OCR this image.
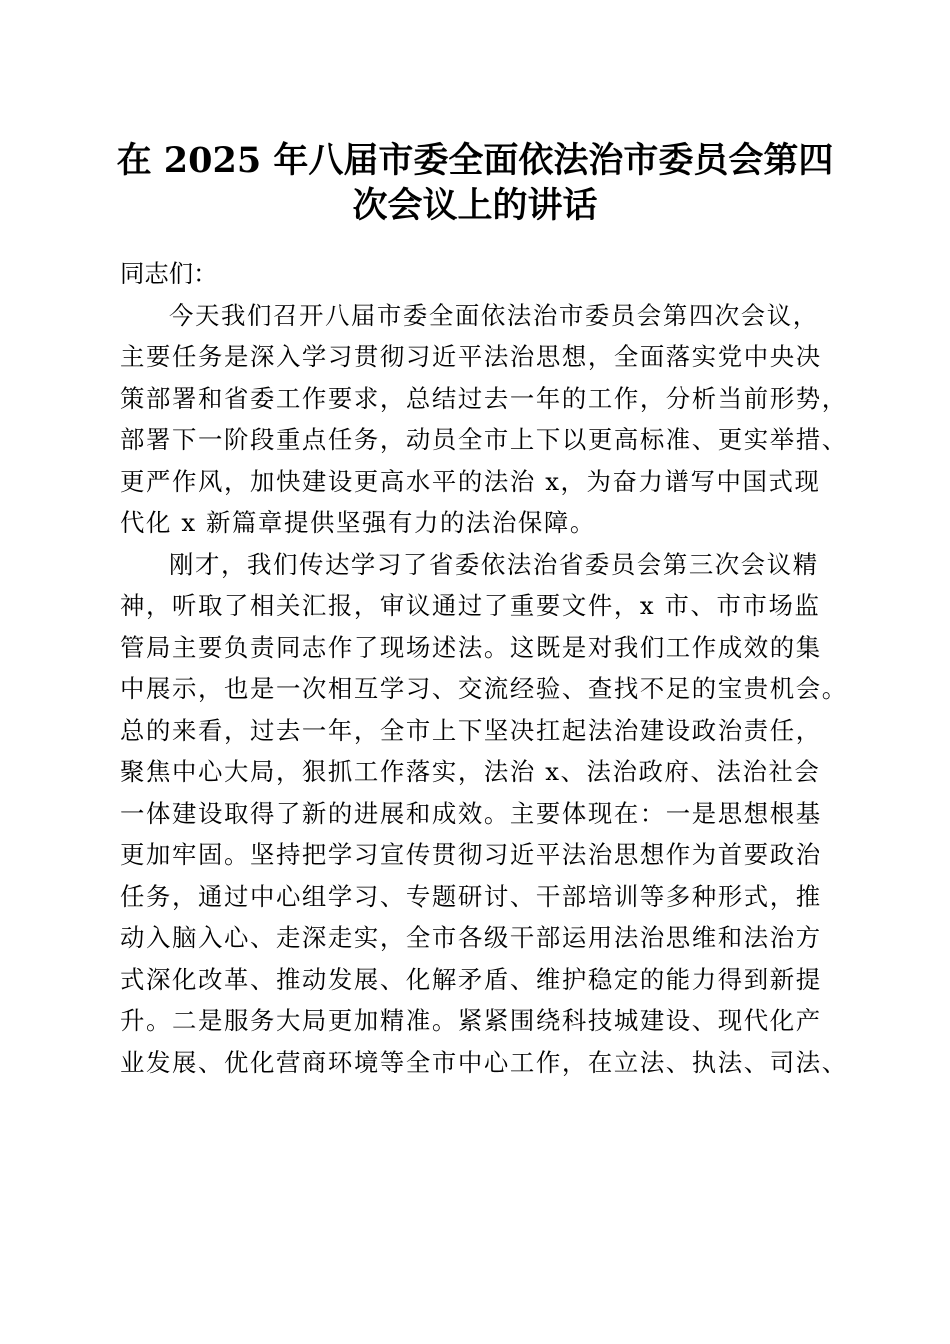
在 2025 年八届市委全面依法治市委员会第四
次会议上的讲话

同志们：

今天我们召开八届市委全面依法治市委员会第四次会议，
主要任务是深入学习贯彻习近平法治思想，全面落实党中央决
策部署和省委工作要求，总结过去一年的工作，分析当前形势，
部署下一阶段重点任务，动员全市上下以更高标准、更实举措、
更严作风，加快建设更高水平的法治 x，为奋力谱写中国式现
代化 x 新篇章提供坚强有力的法治保障。

刚才，我们传达学习了省委依法治省委员会第三次会议精
神，听取了相关汇报，审议通过了重要文件，x 市、市市场监
管局主要负责同志作了现场述法。这既是对我们工作成效的集
中展示，也是一次相互学习、交流经验、查找不足的宝贵机会。
总的来看，过去一年，全市上下坚决扛起法治建设政治责任，
聚焦中心大局，狠抓工作落实，法治 x、法治政府、法治社会
一体建设取得了新的进展和成效。主要体现在：一是思想根基
更加牢固。坚持把学习宣传贯彻习近平法治思想作为首要政治
任务，通过中心组学习、专题研讨、干部培训等多种形式，推
动入脑入心、走深走实，全市各级干部运用法治思维和法治方
式深化改革、推动发展、化解矛盾、维护稳定的能力得到新提
升。二是服务大局更加精准。紧紧围绕科技城建设、现代化产
业发展、优化营商环境等全市中心工作，在立法、执法、司法、
